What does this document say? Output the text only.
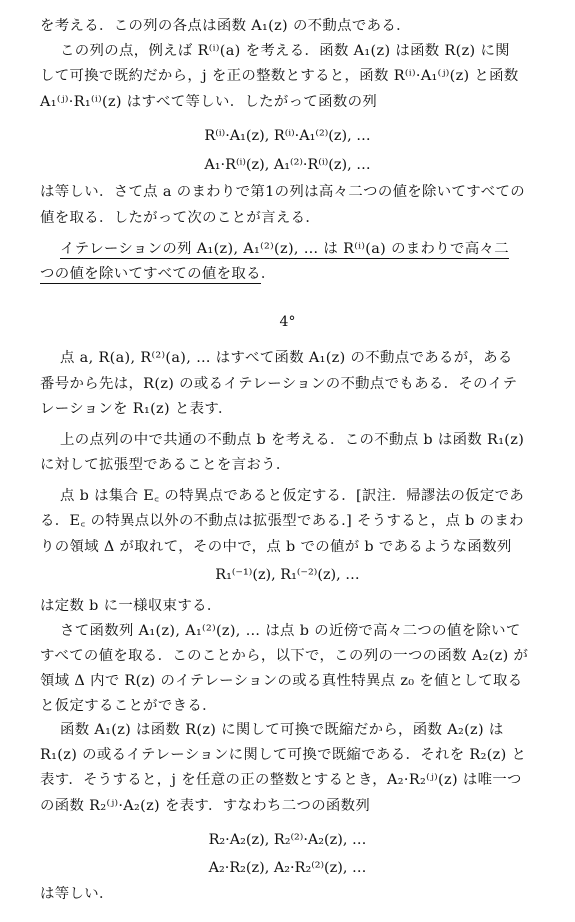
を考える．この列の各点は函数 A₁(z) の不動点である．
この列の点，例えば R⁽ⁱ⁾(a) を考える．函数 A₁(z) は函数 R(z) に関
して可換で既約だから，j を正の整数とすると，函数 R⁽ⁱ⁾·A₁⁽ʲ⁾(z) と函数
A₁⁽ʲ⁾·R₁⁽ⁱ⁾(z) はすべて等しい．したがって函数の列
R⁽ⁱ⁾·A₁(z), R⁽ⁱ⁾·A₁⁽²⁾(z), …
A₁·R⁽ⁱ⁾(z), A₁⁽²⁾·R⁽ⁱ⁾(z), …
は等しい．さて点 a のまわりで第1の列は高々二つの値を除いてすべての
値を取る．したがって次のことが言える．
イテレーションの列 A₁(z), A₁⁽²⁾(z), … は R⁽ⁱ⁾(a) のまわりで高々二
つの値を除いてすべての値を取る．
4°
点 a, R(a), R⁽²⁾(a), … はすべて函数 A₁(z) の不動点であるが，ある
番号から先は，R(z) の或るイテレーションの不動点でもある．そのイテ
レーションを R₁(z) と表す．
上の点列の中で共通の不動点 b を考える．この不動点 b は函数 R₁(z)
に対して拡張型であることを言おう．
点 b は集合 E꜀ の特異点であると仮定する．[訳注．帰謬法の仮定であ
る．E꜀ の特異点以外の不動点は拡張型である.] そうすると，点 b のまわ
りの領域 Δ が取れて，その中で，点 b での値が b であるような函数列
R₁⁽⁻¹⁾(z), R₁⁽⁻²⁾(z), …
は定数 b に一様収束する．
さて函数列 A₁(z), A₁⁽²⁾(z), … は点 b の近傍で高々二つの値を除いて
すべての値を取る．このことから，以下で，この列の一つの函数 A₂(z) が
領域 Δ 内で R(z) のイテレーションの或る真性特異点 z₀ を値として取る
と仮定することができる．
函数 A₁(z) は函数 R(z) に関して可換で既縮だから，函数 A₂(z) は
R₁(z) の或るイテレーションに関して可換で既縮である．それを R₂(z) と
表す．そうすると，j を任意の正の整数とするとき，A₂·R₂⁽ʲ⁾(z) は唯一つ
の函数 R₂⁽ʲ⁾·A₂(z) を表す．すなわち二つの函数列
R₂·A₂(z), R₂⁽²⁾·A₂(z), …
A₂·R₂(z), A₂·R₂⁽²⁾(z), …
は等しい．
